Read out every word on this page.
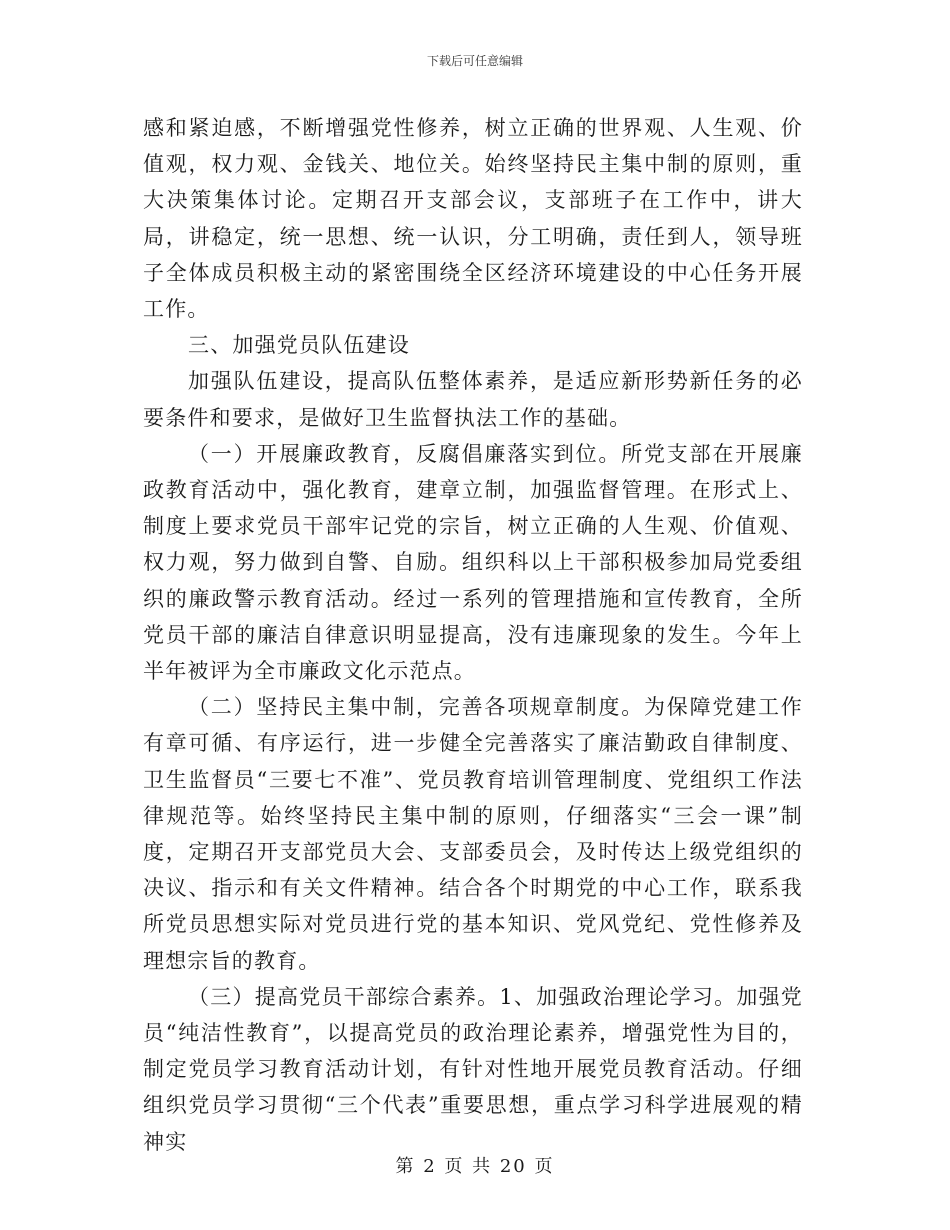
下载后可任意编辑

感和紧迫感，不断增强党性修养，树立正确的世界观、人生观、价值观，权力观、金钱关、地位关。始终坚持民主集中制的原则，重大决策集体讨论。定期召开支部会议，支部班子在工作中，讲大局，讲稳定，统一思想、统一认识，分工明确，责任到人，领导班子全体成员积极主动的紧密围绕全区经济环境建设的中心任务开展工作。

三、加强党员队伍建设

加强队伍建设，提高队伍整体素养，是适应新形势新任务的必要条件和要求，是做好卫生监督执法工作的基础。

（一）开展廉政教育，反腐倡廉落实到位。所党支部在开展廉政教育活动中，强化教育，建章立制，加强监督管理。在形式上、制度上要求党员干部牢记党的宗旨，树立正确的人生观、价值观、权力观，努力做到自警、自励。组织科以上干部积极参加局党委组织的廉政警示教育活动。经过一系列的管理措施和宣传教育，全所党员干部的廉洁自律意识明显提高，没有违廉现象的发生。今年上半年被评为全市廉政文化示范点。

（二）坚持民主集中制，完善各项规章制度。为保障党建工作有章可循、有序运行，进一步健全完善落实了廉洁勤政自律制度、卫生监督员“三要七不准”、党员教育培训管理制度、党组织工作法律规范等。始终坚持民主集中制的原则，仔细落实“三会一课”制度，定期召开支部党员大会、支部委员会，及时传达上级党组织的决议、指示和有关文件精神。结合各个时期党的中心工作，联系我所党员思想实际对党员进行党的基本知识、党风党纪、党性修养及理想宗旨的教育。

（三）提高党员干部综合素养。1、加强政治理论学习。加强党员“纯洁性教育”，以提高党员的政治理论素养，增强党性为目的，制定党员学习教育活动计划，有针对性地开展党员教育活动。仔细组织党员学习贯彻“三个代表”重要思想，重点学习科学进展观的精神实

第 2 页 共 20 页
